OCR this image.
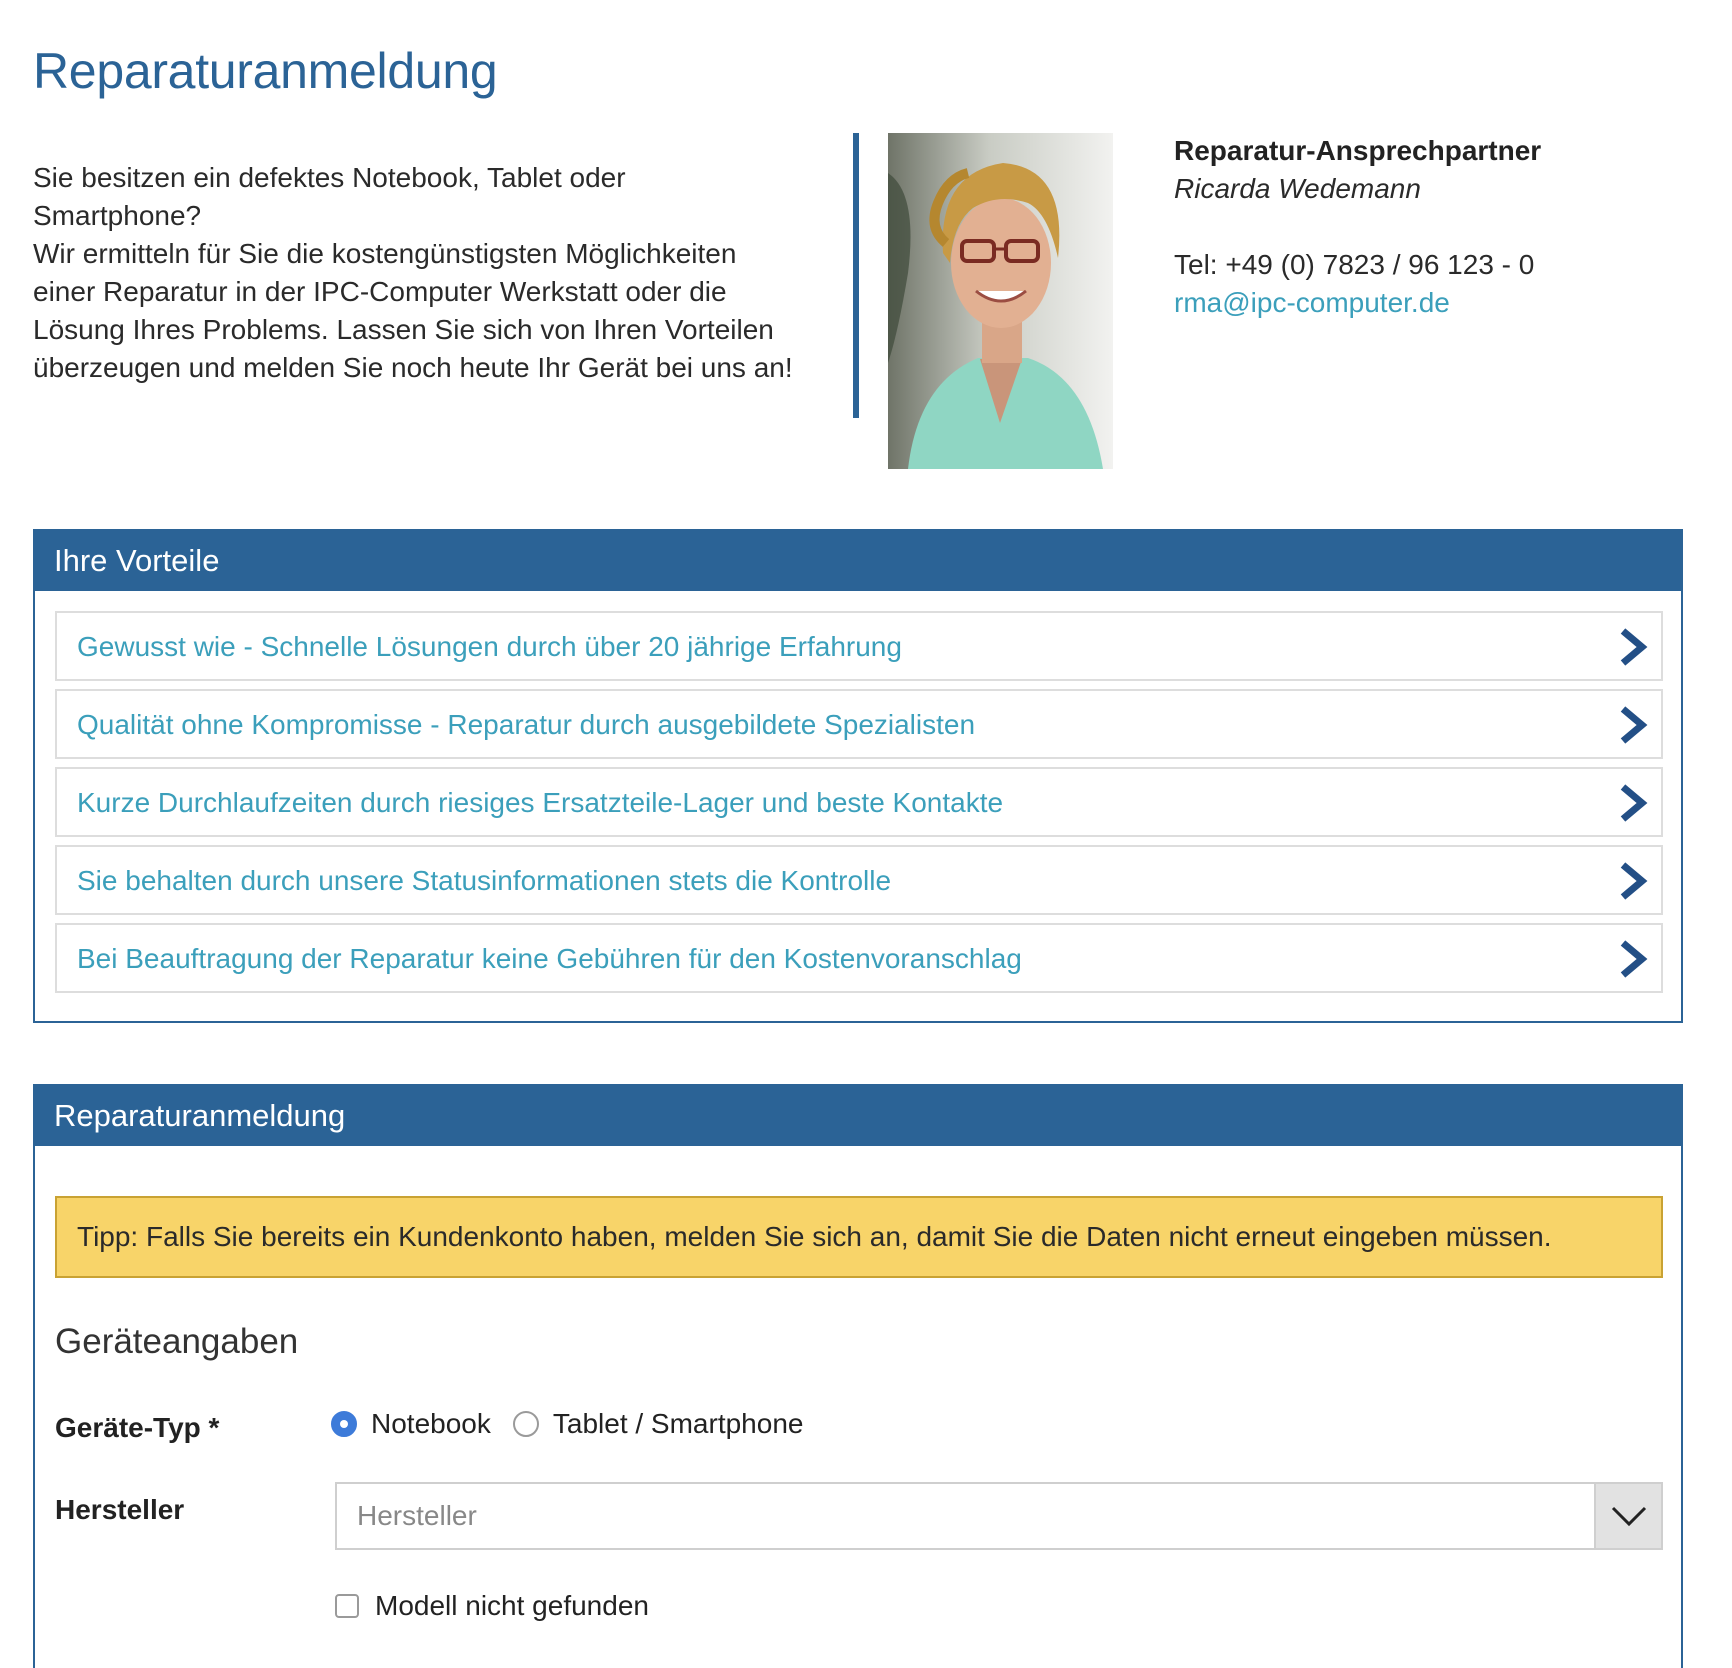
Reparaturanmeldung

Sie besitzen ein defektes Notebook, Tablet oder

Smartphone?

Wir ermitteln für Sie die kostengünstigsten Möglichkeiten

einer Reparatur in der IPC-Computer Werkstatt oder die

Lösung Ihres Problems. Lassen Sie sich von Ihren Vorteilen

überzeugen und melden Sie noch heute Ihr Gerät bei uns an!

Reparatur-Ansprechpartner
Ricarda Wedemann
Tel: +49 (0) 7823 / 96 123 - 0
rma@ipc-computer.de
Ihre Vorteile
Gewusst wie - Schnelle Lösungen durch über 20 jährige Erfahrung
Qualität ohne Kompromisse - Reparatur durch ausgebildete Spezialisten
Kurze Durchlaufzeiten durch riesiges Ersatzteile-Lager und beste Kontakte
Sie behalten durch unsere Statusinformationen stets die Kontrolle
Bei Beauftragung der Reparatur keine Gebühren für den Kostenvoranschlag
Reparaturanmeldung
Tipp: Falls Sie bereits ein Kundenkonto haben, melden Sie sich an, damit Sie die Daten nicht erneut eingeben müssen.
Geräteangaben
Geräte-Typ *	Notebook Tablet / Smartphone
Hersteller	Hersteller
Modell nicht gefunden
